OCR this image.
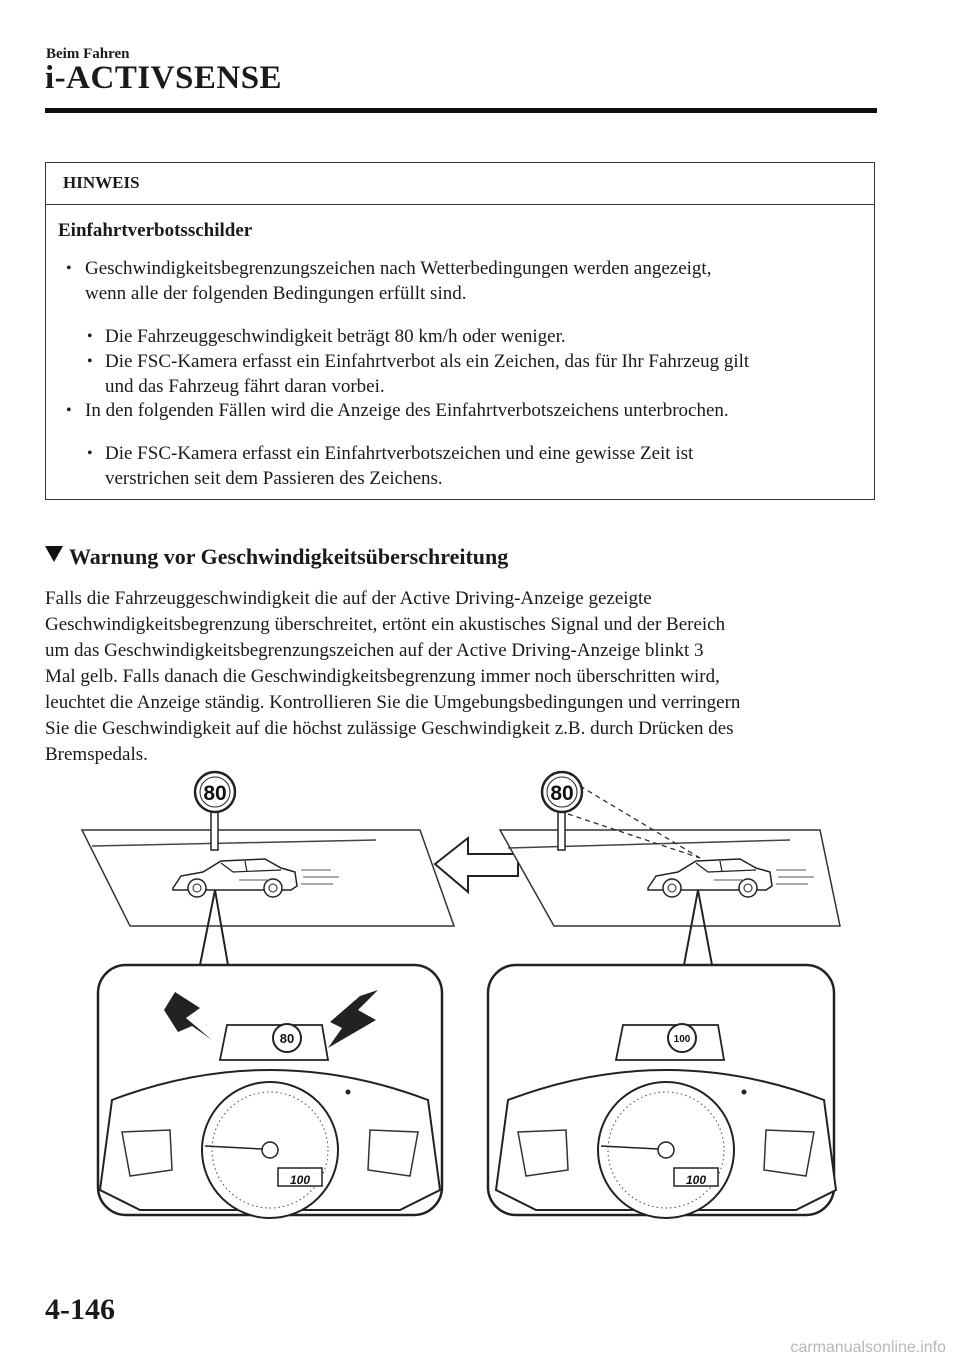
Beim Fahren
i-ACTIVSENSE
HINWEIS
Einfahrtverbotsschilder
• Geschwindigkeitsbegrenzungszeichen nach Wetterbedingungen werden angezeigt,
wenn alle der folgenden Bedingungen erfüllt sind.
• Die Fahrzeuggeschwindigkeit beträgt 80 km/h oder weniger.
• Die FSC-Kamera erfasst ein Einfahrtverbot als ein Zeichen, das für Ihr Fahrzeug gilt
und das Fahrzeug fährt daran vorbei.
• In den folgenden Fällen wird die Anzeige des Einfahrtverbotszeichens unterbrochen.
• Die FSC-Kamera erfasst ein Einfahrtverbotszeichen und eine gewisse Zeit ist
verstrichen seit dem Passieren des Zeichens.
Warnung vor Geschwindigkeitsüberschreitung
Falls die Fahrzeuggeschwindigkeit die auf der Active Driving-Anzeige gezeigte
Geschwindigkeitsbegrenzung überschreitet, ertönt ein akustisches Signal und der Bereich
um das Geschwindigkeitsbegrenzungszeichen auf der Active Driving-Anzeige blinkt 3
Mal gelb. Falls danach die Geschwindigkeitsbegrenzung immer noch überschritten wird,
leuchtet die Anzeige ständig. Kontrollieren Sie die Umgebungsbedingungen und verringern
Sie die Geschwindigkeit auf die höchst zulässige Geschwindigkeit z.B. durch Drücken des
Bremspedals.
80	80
80
100
100
100
4-146
carmanualsonline.info
